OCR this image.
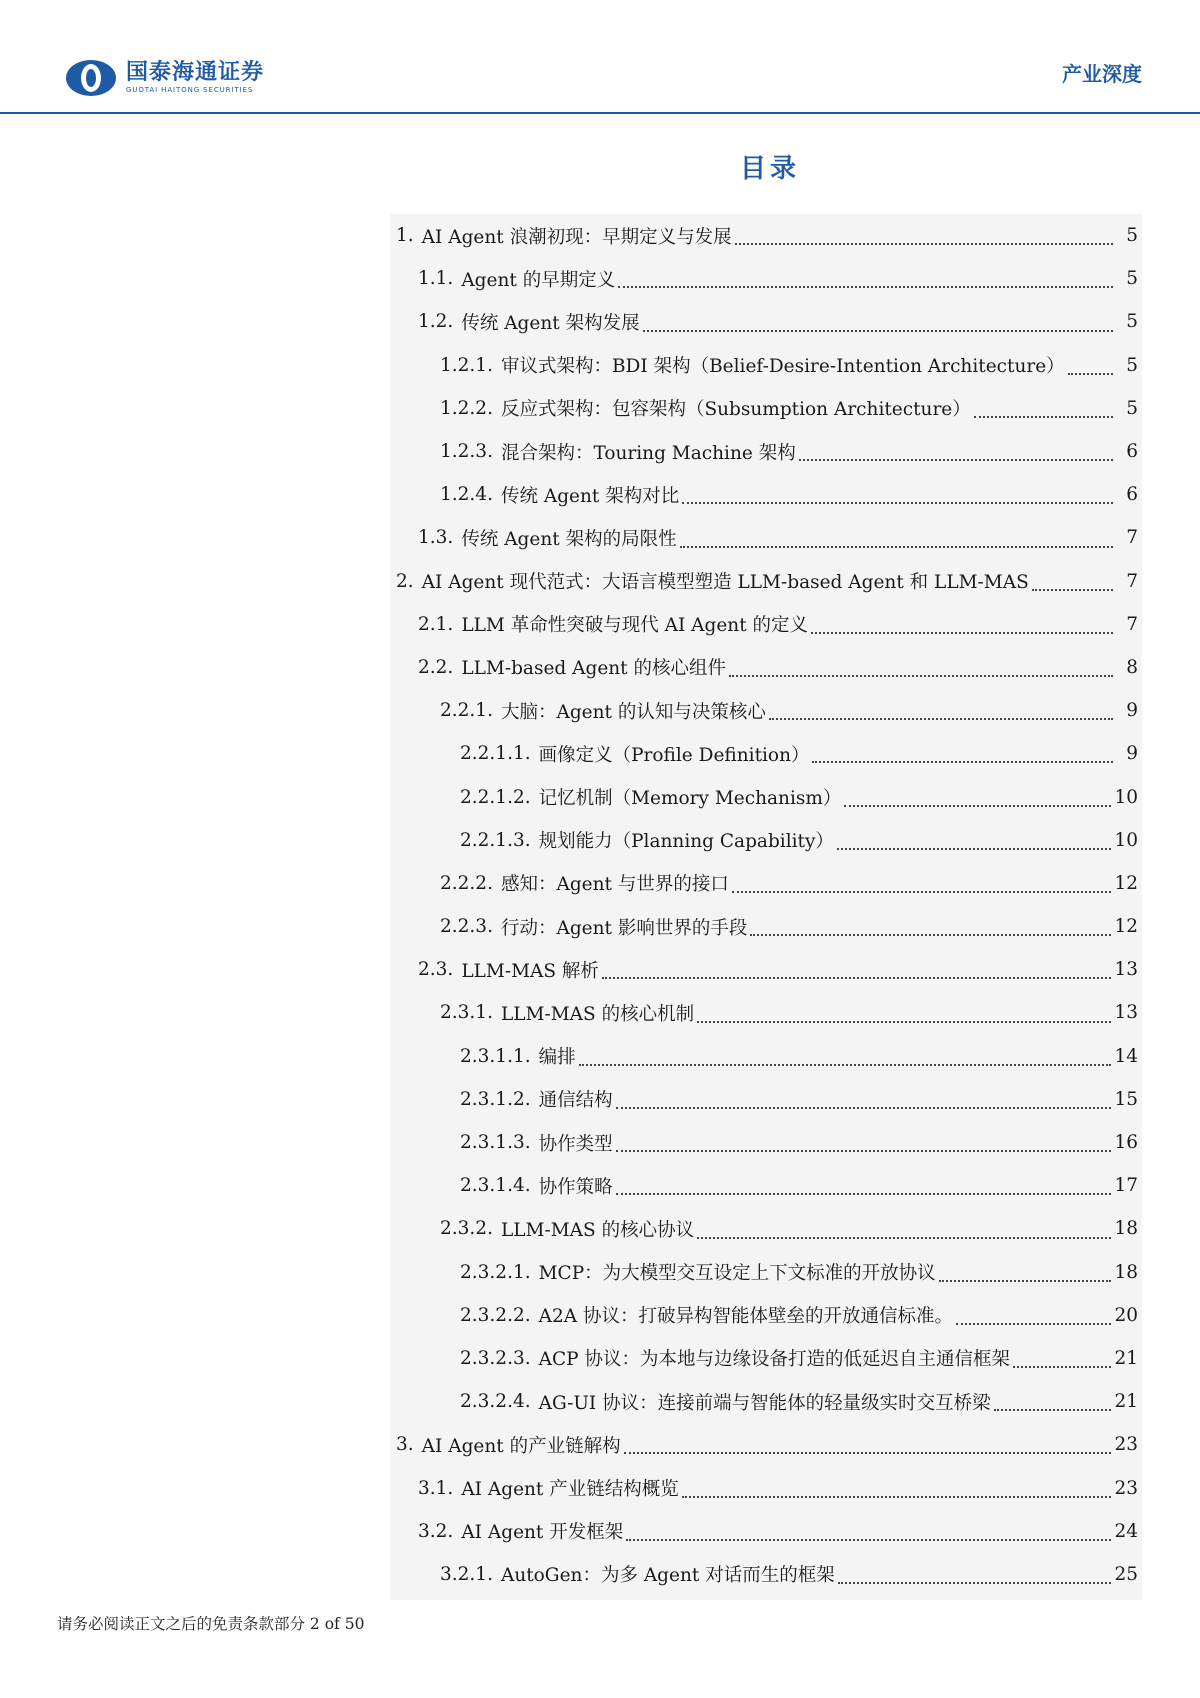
国泰海通证券
GUOTAI HAITONG SECURITIES
产业深度
目录
1. AI Agent 浪潮初现：早期定义与发展	5
1.1. Agent 的早期定义	5
1.2. 传统 Agent 架构发展	5
1.2.1. 审议式架构：BDI 架构（Belief-Desire-Intention Architecture）	5
1.2.2. 反应式架构：包容架构（Subsumption Architecture）	5
1.2.3. 混合架构：Touring Machine 架构	6
1.2.4. 传统 Agent 架构对比	6
1.3. 传统 Agent 架构的局限性	7
2. AI Agent 现代范式：大语言模型塑造 LLM-based Agent 和 LLM-MAS	7
2.1. LLM 革命性突破与现代 AI Agent 的定义	7
2.2. LLM-based Agent 的核心组件	8
2.2.1. 大脑：Agent 的认知与决策核心	9
2.2.1.1. 画像定义（Profile Definition）	9
2.2.1.2. 记忆机制（Memory Mechanism）	10
2.2.1.3. 规划能力（Planning Capability）	10
2.2.2. 感知：Agent 与世界的接口	12
2.2.3. 行动：Agent 影响世界的手段	12
2.3. LLM-MAS 解析	13
2.3.1. LLM-MAS 的核心机制	13
2.3.1.1. 编排	14
2.3.1.2. 通信结构	15
2.3.1.3. 协作类型	16
2.3.1.4. 协作策略	17
2.3.2. LLM-MAS 的核心协议	18
2.3.2.1. MCP：为大模型交互设定上下文标准的开放协议	18
2.3.2.2. A2A 协议：打破异构智能体壁垒的开放通信标准。	20
2.3.2.3. ACP 协议：为本地与边缘设备打造的低延迟自主通信框架	21
2.3.2.4. AG-UI 协议：连接前端与智能体的轻量级实时交互桥梁	21
3. AI Agent 的产业链解构	23
3.1. AI Agent 产业链结构概览	23
3.2. AI Agent 开发框架	24
3.2.1. AutoGen：为多 Agent 对话而生的框架	25
请务必阅读正文之后的免责条款部分 2 of 50
